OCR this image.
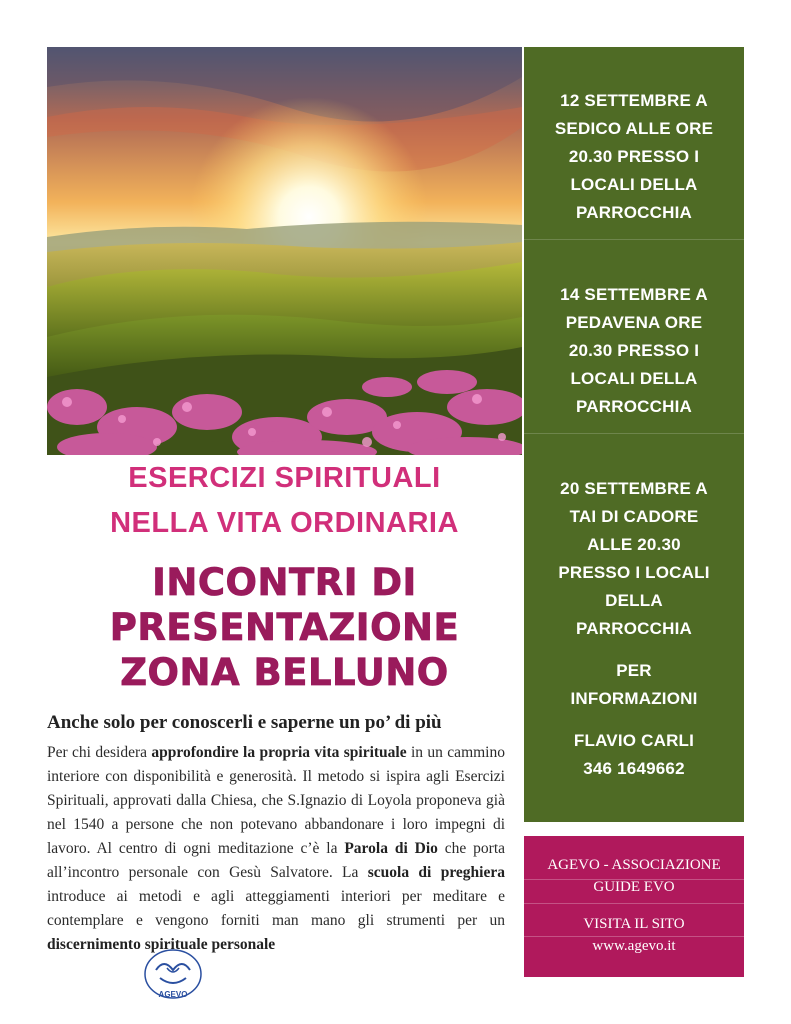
12 SETTEMBRE A
SEDICO ALLE ORE
20.30 PRESSO I
LOCALI DELLA
PARROCCHIA
14 SETTEMBRE A
PEDAVENA ORE
20.30 PRESSO I
LOCALI DELLA
PARROCCHIA
20 SETTEMBRE A
TAI DI CADORE
ALLE 20.30
PRESSO I LOCALI
DELLA
PARROCCHIA
PER
INFORMAZIONI
FLAVIO CARLI
346 1649662
ESERCIZI SPIRITUALI
NELLA VITA ORDINARIA
INCONTRI DI
PRESENTAZIONE
ZONA BELLUNO
Anche solo per conoscerli e saperne un po’ di più
Per chi desidera approfondire la propria vita spirituale in un cammino interiore con disponibilità e generosità. Il metodo si ispira agli Esercizi Spirituali, approvati dalla Chiesa, che S.Ignazio di Loyola proponeva già nel 1540 a persone che non potevano abbandonare i loro impegni di lavoro. Al centro di ogni meditazione c’è la Parola di Dio che porta all’incontro personale con Gesù Salvatore. La scuola di preghiera introduce ai metodi e agli atteggiamenti interiori per meditare e contemplare e vengono forniti man mano gli strumenti per un discernimento spirituale personale
AGEVO
AGEVO - ASSOCIAZIONE
GUIDE EVO
VISITA IL SITO
www.agevo.it
